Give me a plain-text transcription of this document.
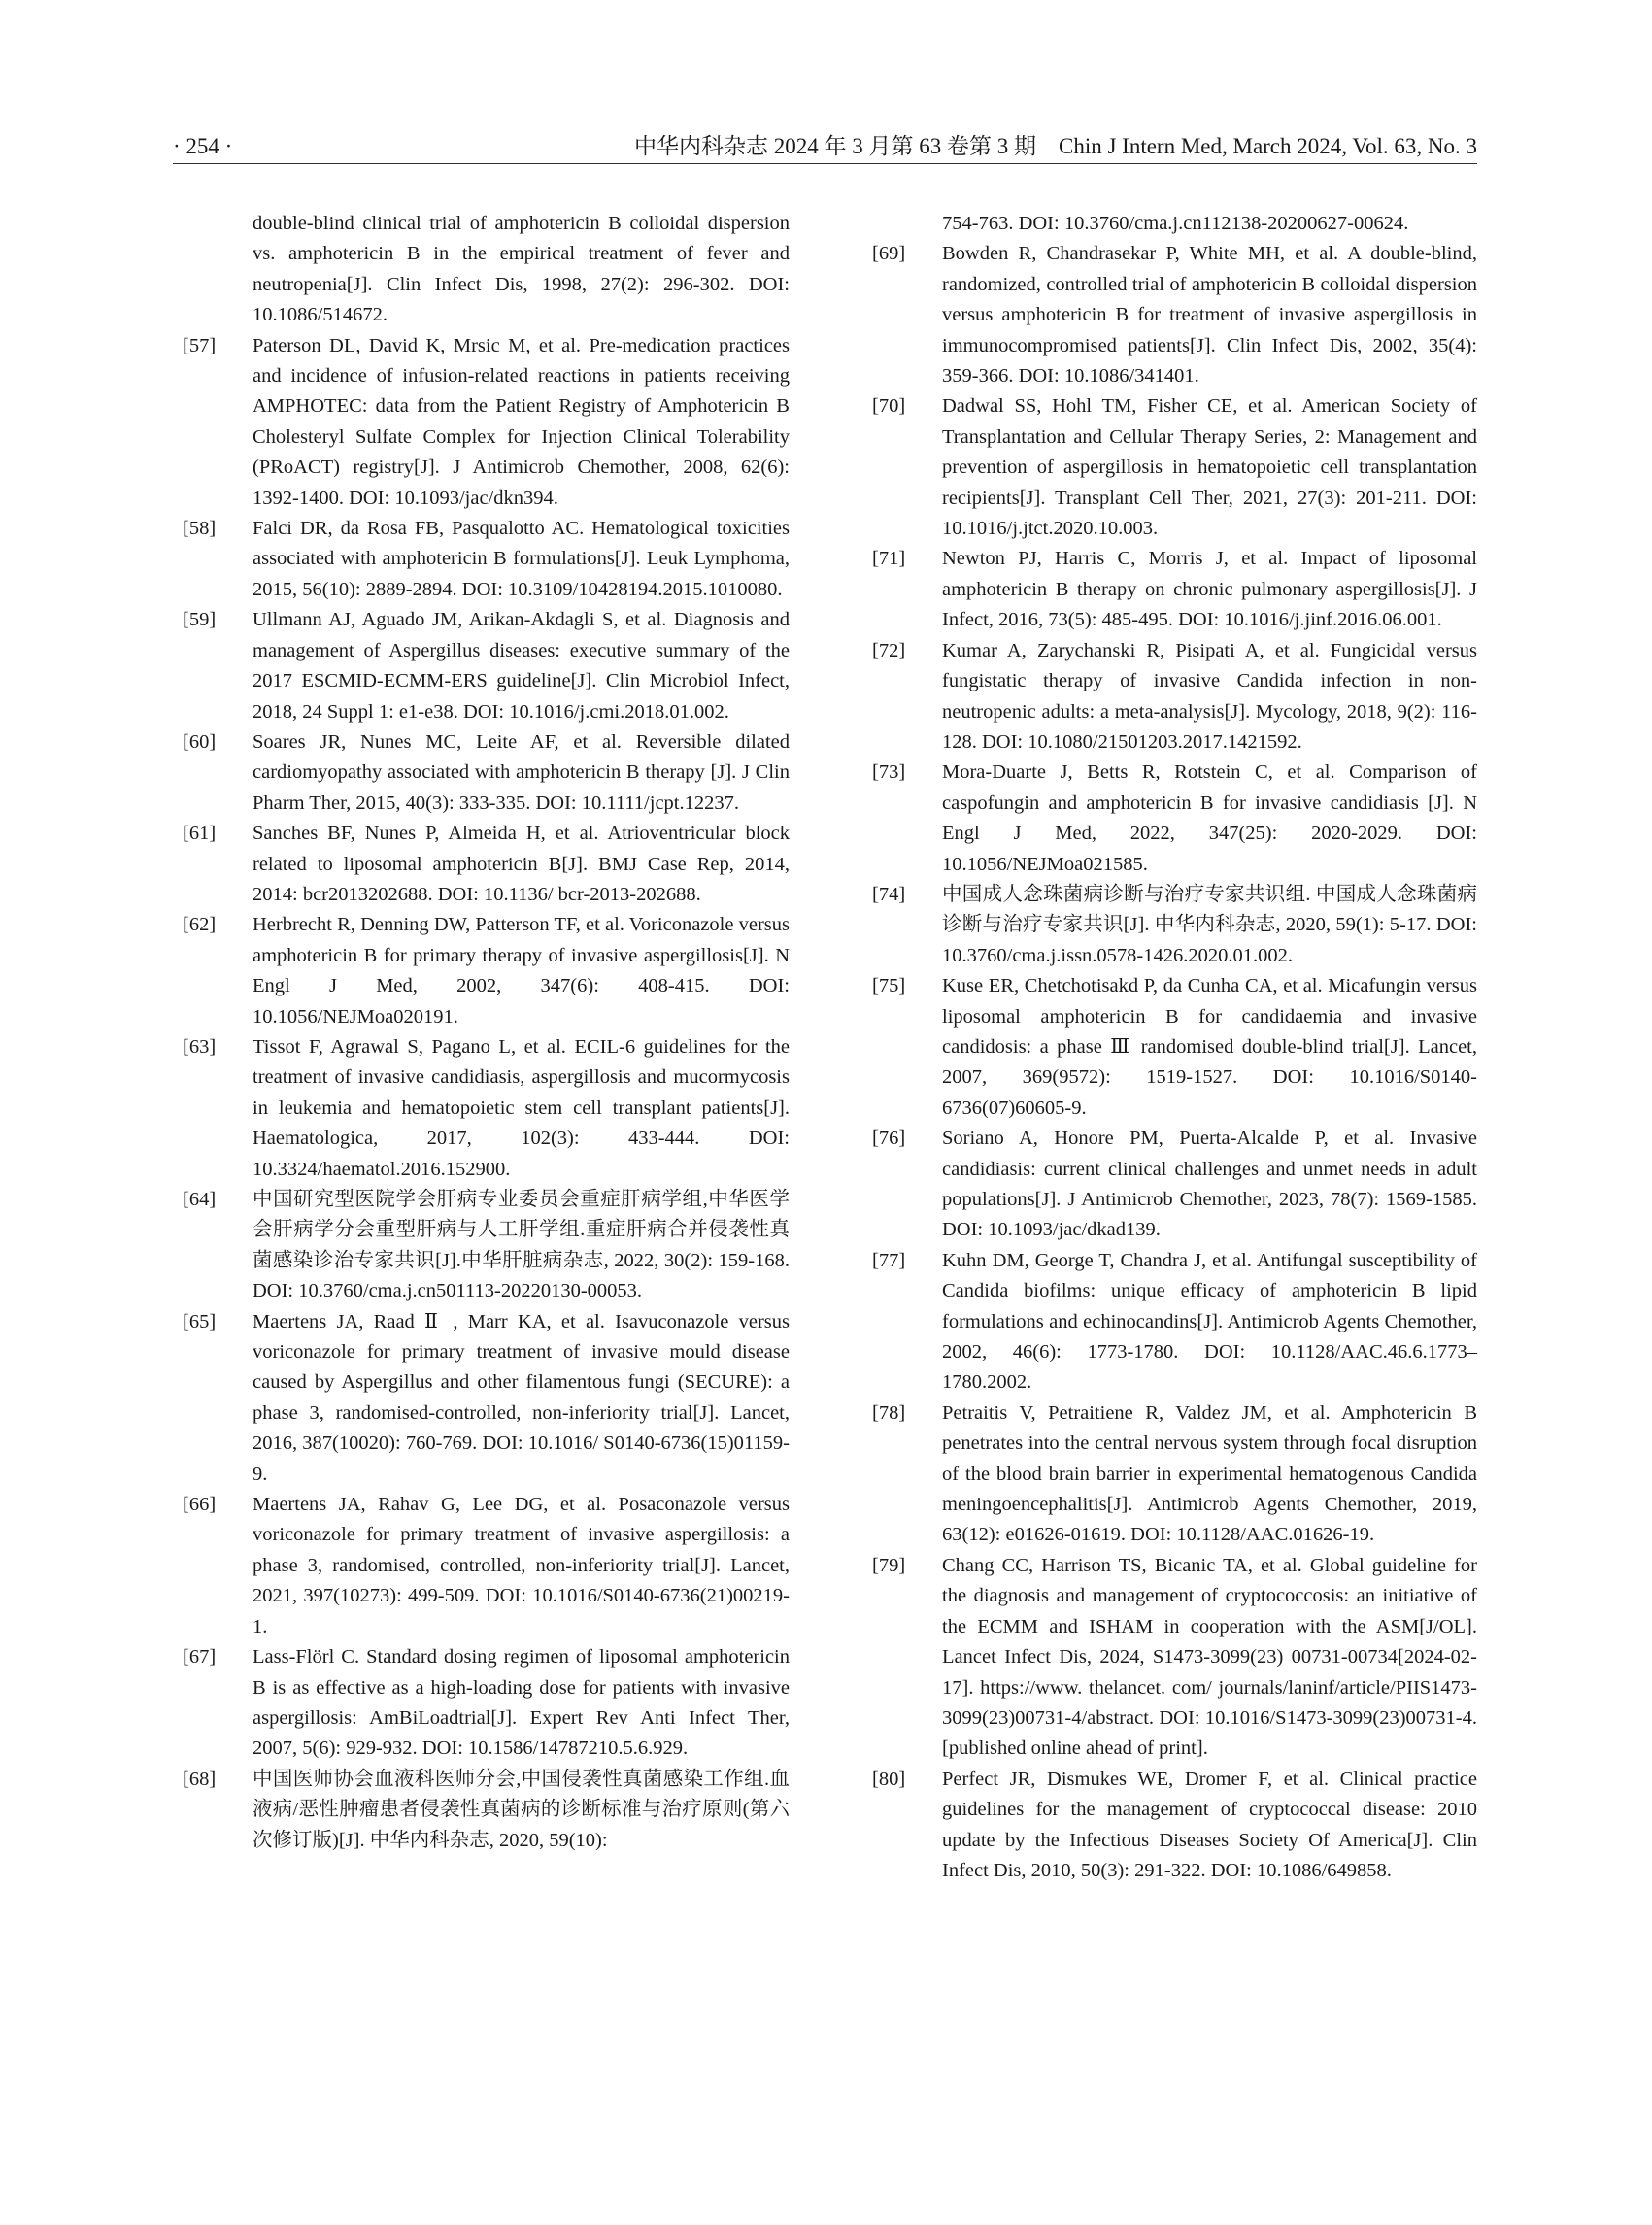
· 254 ·	中华内科杂志 2024 年 3 月第 63 卷第 3 期　Chin J Intern Med, March 2024, Vol. 63, No. 3
double-blind clinical trial of amphotericin B colloidal dispersion vs. amphotericin B in the empirical treatment of fever and neutropenia[J]. Clin Infect Dis, 1998, 27(2): 296-302. DOI: 10.1086/514672.
[57] Paterson DL, David K, Mrsic M, et al. Pre-medication practices and incidence of infusion-related reactions in patients receiving AMPHOTEC: data from the Patient Registry of Amphotericin B Cholesteryl Sulfate Complex for Injection Clinical Tolerability (PRoACT) registry[J]. J Antimicrob Chemother, 2008, 62(6): 1392-1400. DOI: 10.1093/jac/dkn394.
[58] Falci DR, da Rosa FB, Pasqualotto AC. Hematological toxicities associated with amphotericin B formulations[J]. Leuk Lymphoma, 2015, 56(10): 2889-2894. DOI: 10.3109/10428194.2015.1010080.
[59] Ullmann AJ, Aguado JM, Arikan-Akdagli S, et al. Diagnosis and management of Aspergillus diseases: executive summary of the 2017 ESCMID-ECMM-ERS guideline[J]. Clin Microbiol Infect, 2018, 24 Suppl 1: e1-e38. DOI: 10.1016/j.cmi.2018.01.002.
[60] Soares JR, Nunes MC, Leite AF, et al. Reversible dilated cardiomyopathy associated with amphotericin B therapy [J]. J Clin Pharm Ther, 2015, 40(3): 333-335. DOI: 10.1111/jcpt.12237.
[61] Sanches BF, Nunes P, Almeida H, et al. Atrioventricular block related to liposomal amphotericin B[J]. BMJ Case Rep, 2014, 2014: bcr2013202688. DOI: 10.1136/ bcr-2013-202688.
[62] Herbrecht R, Denning DW, Patterson TF, et al. Voriconazole versus amphotericin B for primary therapy of invasive aspergillosis[J]. N Engl J Med, 2002, 347(6): 408-415. DOI: 10.1056/NEJMoa020191.
[63] Tissot F, Agrawal S, Pagano L, et al. ECIL-6 guidelines for the treatment of invasive candidiasis, aspergillosis and mucormycosis in leukemia and hematopoietic stem cell transplant patients[J]. Haematologica, 2017, 102(3): 433-444. DOI: 10.3324/haematol.2016.152900.
[64] 中国研究型医院学会肝病专业委员会重症肝病学组,中华医学会肝病学分会重型肝病与人工肝学组.重症肝病合并侵袭性真菌感染诊治专家共识[J].中华肝脏病杂志, 2022, 30(2): 159-168. DOI: 10.3760/cma.j.cn501113-20220130-00053.
[65] Maertens JA, Raad Ⅱ , Marr KA, et al. Isavuconazole versus voriconazole for primary treatment of invasive mould disease caused by Aspergillus and other filamentous fungi (SECURE): a phase 3, randomised-controlled, non-inferiority trial[J]. Lancet, 2016, 387(10020): 760-769. DOI: 10.1016/ S0140-6736(15)01159-9.
[66] Maertens JA, Rahav G, Lee DG, et al. Posaconazole versus voriconazole for primary treatment of invasive aspergillosis: a phase 3, randomised, controlled, non-inferiority trial[J]. Lancet, 2021, 397(10273): 499-509. DOI: 10.1016/S0140-6736(21)00219-1.
[67] Lass-Flörl C. Standard dosing regimen of liposomal amphotericin B is as effective as a high-loading dose for patients with invasive aspergillosis: AmBiLoadtrial[J]. Expert Rev Anti Infect Ther, 2007, 5(6): 929-932. DOI: 10.1586/14787210.5.6.929.
[68] 中国医师协会血液科医师分会,中国侵袭性真菌感染工作组.血液病/恶性肿瘤患者侵袭性真菌病的诊断标准与治疗原则(第六次修订版)[J]. 中华内科杂志, 2020, 59(10):
754-763. DOI: 10.3760/cma.j.cn112138-20200627-00624.
[69] Bowden R, Chandrasekar P, White MH, et al. A double-blind, randomized, controlled trial of amphotericin B colloidal dispersion versus amphotericin B for treatment of invasive aspergillosis in immunocompromised patients[J]. Clin Infect Dis, 2002, 35(4): 359-366. DOI: 10.1086/341401.
[70] Dadwal SS, Hohl TM, Fisher CE, et al. American Society of Transplantation and Cellular Therapy Series, 2: Management and prevention of aspergillosis in hematopoietic cell transplantation recipients[J]. Transplant Cell Ther, 2021, 27(3): 201-211. DOI: 10.1016/j.jtct.2020.10.003.
[71] Newton PJ, Harris C, Morris J, et al. Impact of liposomal amphotericin B therapy on chronic pulmonary aspergillosis[J]. J Infect, 2016, 73(5): 485-495. DOI: 10.1016/j.jinf.2016.06.001.
[72] Kumar A, Zarychanski R, Pisipati A, et al. Fungicidal versus fungistatic therapy of invasive Candida infection in non-neutropenic adults: a meta-analysis[J]. Mycology, 2018, 9(2): 116-128. DOI: 10.1080/21501203.2017.1421592.
[73] Mora-Duarte J, Betts R, Rotstein C, et al. Comparison of caspofungin and amphotericin B for invasive candidiasis [J]. N Engl J Med, 2022, 347(25): 2020-2029. DOI: 10.1056/NEJMoa021585.
[74] 中国成人念珠菌病诊断与治疗专家共识组. 中国成人念珠菌病诊断与治疗专家共识[J]. 中华内科杂志, 2020, 59(1): 5-17. DOI: 10.3760/cma.j.issn.0578-1426.2020.01.002.
[75] Kuse ER, Chetchotisakd P, da Cunha CA, et al. Micafungin versus liposomal amphotericin B for candidaemia and invasive candidosis: a phase Ⅲ randomised double-blind trial[J]. Lancet, 2007, 369(9572): 1519-1527. DOI: 10.1016/S0140-6736(07)60605-9.
[76] Soriano A, Honore PM, Puerta-Alcalde P, et al. Invasive candidiasis: current clinical challenges and unmet needs in adult populations[J]. J Antimicrob Chemother, 2023, 78(7): 1569-1585. DOI: 10.1093/jac/dkad139.
[77] Kuhn DM, George T, Chandra J, et al. Antifungal susceptibility of Candida biofilms: unique efficacy of amphotericin B lipid formulations and echinocandins[J]. Antimicrob Agents Chemother, 2002, 46(6): 1773-1780. DOI: 10.1128/AAC.46.6.1773–1780.2002.
[78] Petraitis V, Petraitiene R, Valdez JM, et al. Amphotericin B penetrates into the central nervous system through focal disruption of the blood brain barrier in experimental hematogenous Candida meningoencephalitis[J]. Antimicrob Agents Chemother, 2019, 63(12): e01626-01619. DOI: 10.1128/AAC.01626-19.
[79] Chang CC, Harrison TS, Bicanic TA, et al. Global guideline for the diagnosis and management of cryptococcosis: an initiative of the ECMM and ISHAM in cooperation with the ASM[J/OL]. Lancet Infect Dis, 2024, S1473-3099(23) 00731-00734[2024-02-17]. https://www. thelancet. com/ journals/laninf/article/PIIS1473-3099(23)00731-4/abstract. DOI: 10.1016/S1473-3099(23)00731-4. [published online ahead of print].
[80] Perfect JR, Dismukes WE, Dromer F, et al. Clinical practice guidelines for the management of cryptococcal disease: 2010 update by the Infectious Diseases Society Of America[J]. Clin Infect Dis, 2010, 50(3): 291-322. DOI: 10.1086/649858.
